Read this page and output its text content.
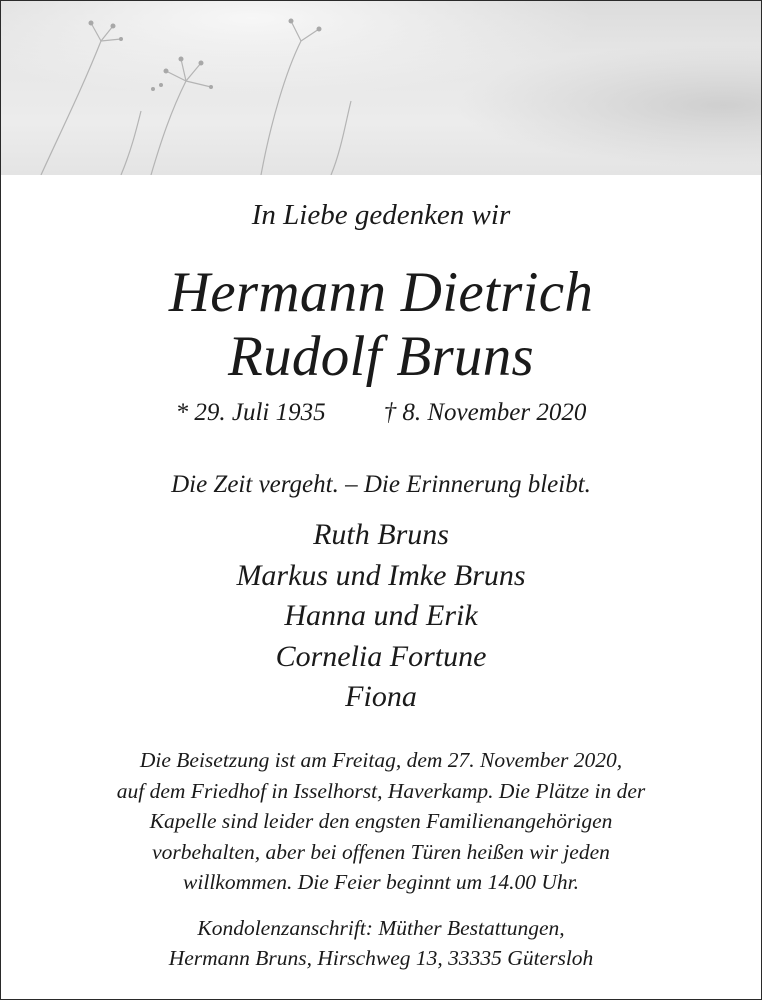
In Liebe gedenken wir
Hermann Dietrich
Rudolf Bruns
* 29. Juli 1935 † 8. November 2020
Die Zeit vergeht. – Die Erinnerung bleibt.
Ruth Bruns
Markus und Imke Bruns
Hanna und Erik
Cornelia Fortune
Fiona
Die Beisetzung ist am Freitag, dem 27. November 2020,
auf dem Friedhof in Isselhorst, Haverkamp. Die Plätze in der
Kapelle sind leider den engsten Familienangehörigen
vorbehalten, aber bei offenen Türen heißen wir jeden
willkommen. Die Feier beginnt um 14.00 Uhr.
Kondolenzanschrift: Müther Bestattungen,
Hermann Bruns, Hirschweg 13, 33335 Gütersloh
